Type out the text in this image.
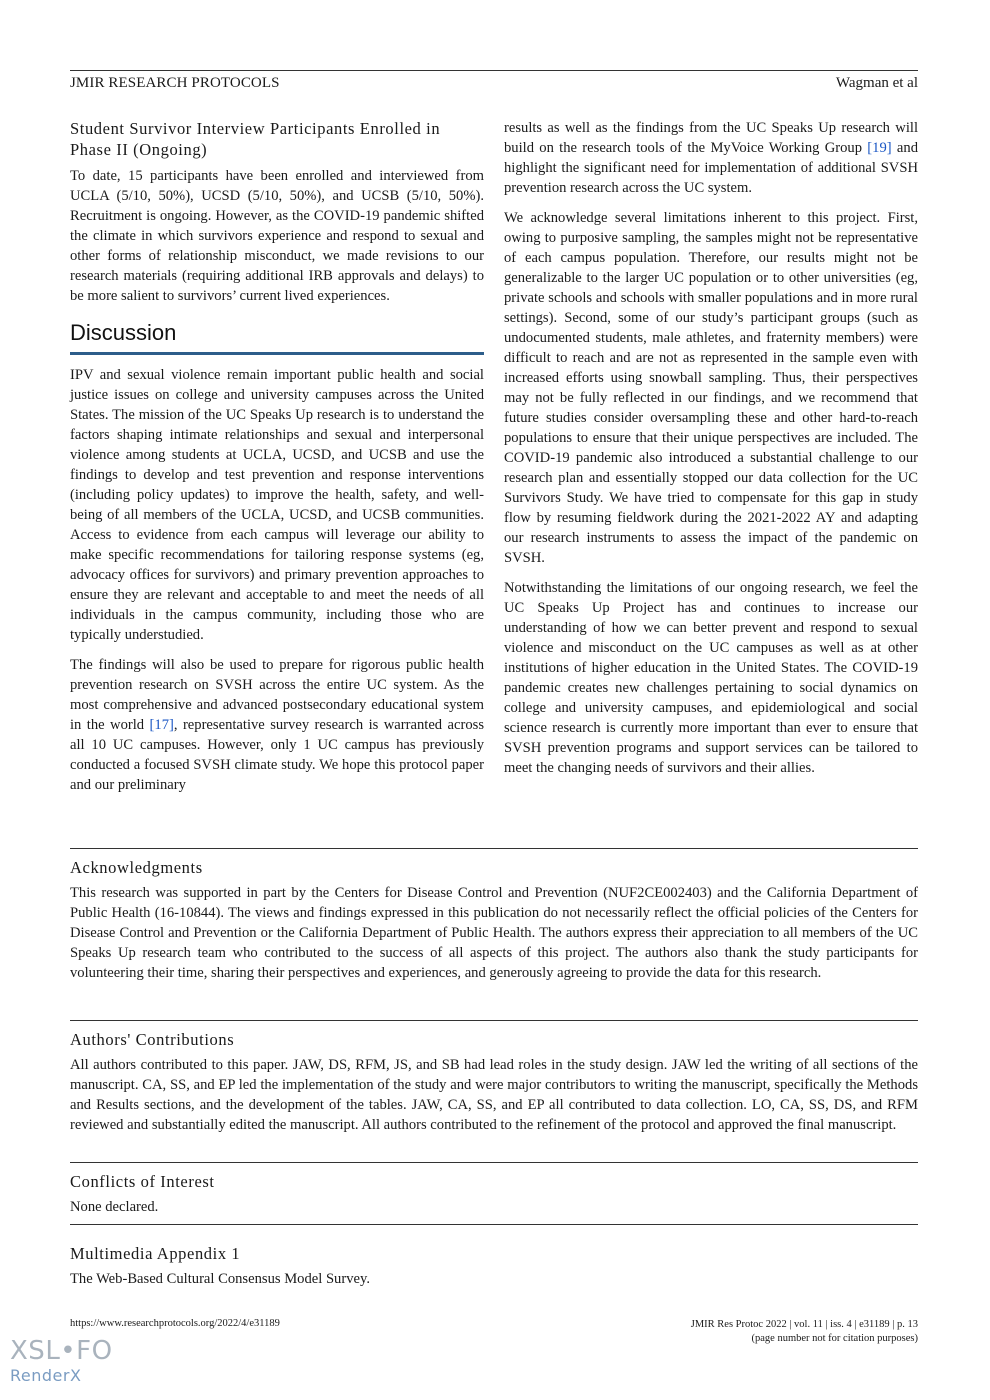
JMIR RESEARCH PROTOCOLS	Wagman et al
Student Survivor Interview Participants Enrolled in Phase II (Ongoing)

To date, 15 participants have been enrolled and interviewed from UCLA (5/10, 50%), UCSD (5/10, 50%), and UCSB (5/10, 50%). Recruitment is ongoing. However, as the COVID-19 pandemic shifted the climate in which survivors experience and respond to sexual and other forms of relationship misconduct, we made revisions to our research materials (requiring additional IRB approvals and delays) to be more salient to survivors’ current lived experiences.

Discussion

IPV and sexual violence remain important public health and social justice issues on college and university campuses across the United States. The mission of the UC Speaks Up research is to understand the factors shaping intimate relationships and sexual and interpersonal violence among students at UCLA, UCSD, and UCSB and use the findings to develop and test prevention and response interventions (including policy updates) to improve the health, safety, and well-being of all members of the UCLA, UCSD, and UCSB communities. Access to evidence from each campus will leverage our ability to make specific recommendations for tailoring response systems (eg, advocacy offices for survivors) and primary prevention approaches to ensure they are relevant and acceptable to and meet the needs of all individuals in the campus community, including those who are typically understudied.

The findings will also be used to prepare for rigorous public health prevention research on SVSH across the entire UC system. As the most comprehensive and advanced postsecondary educational system in the world [17], representative survey research is warranted across all 10 UC campuses. However, only 1 UC campus has previously conducted a focused SVSH climate study. We hope this protocol paper and our preliminary

results as well as the findings from the UC Speaks Up research will build on the research tools of the MyVoice Working Group [19] and highlight the significant need for implementation of additional SVSH prevention research across the UC system.

We acknowledge several limitations inherent to this project. First, owing to purposive sampling, the samples might not be representative of each campus population. Therefore, our results might not be generalizable to the larger UC population or to other universities (eg, private schools and schools with smaller populations and in more rural settings). Second, some of our study’s participant groups (such as undocumented students, male athletes, and fraternity members) were difficult to reach and are not as represented in the sample even with increased efforts using snowball sampling. Thus, their perspectives may not be fully reflected in our findings, and we recommend that future studies consider oversampling these and other hard-to-reach populations to ensure that their unique perspectives are included. The COVID-19 pandemic also introduced a substantial challenge to our research plan and essentially stopped our data collection for the UC Survivors Study. We have tried to compensate for this gap in study flow by resuming fieldwork during the 2021-2022 AY and adapting our research instruments to assess the impact of the pandemic on SVSH.

Notwithstanding the limitations of our ongoing research, we feel the UC Speaks Up Project has and continues to increase our understanding of how we can better prevent and respond to sexual violence and misconduct on the UC campuses as well as at other institutions of higher education in the United States. The COVID-19 pandemic creates new challenges pertaining to social dynamics on college and university campuses, and epidemiological and social science research is currently more important than ever to ensure that SVSH prevention programs and support services can be tailored to meet the changing needs of survivors and their allies.

Acknowledgments

This research was supported in part by the Centers for Disease Control and Prevention (NUF2CE002403) and the California Department of Public Health (16-10844). The views and findings expressed in this publication do not necessarily reflect the official policies of the Centers for Disease Control and Prevention or the California Department of Public Health. The authors express their appreciation to all members of the UC Speaks Up research team who contributed to the success of all aspects of this project. The authors also thank the study participants for volunteering their time, sharing their perspectives and experiences, and generously agreeing to provide the data for this research.

Authors' Contributions

All authors contributed to this paper. JAW, DS, RFM, JS, and SB had lead roles in the study design. JAW led the writing of all sections of the manuscript. CA, SS, and EP led the implementation of the study and were major contributors to writing the manuscript, specifically the Methods and Results sections, and the development of the tables. JAW, CA, SS, and EP all contributed to data collection. LO, CA, SS, DS, and RFM reviewed and substantially edited the manuscript. All authors contributed to the refinement of the protocol and approved the final manuscript.

Conflicts of Interest

None declared.

Multimedia Appendix 1

The Web-Based Cultural Consensus Model Survey.

https://www.researchprotocols.org/2022/4/e31189	JMIR Res Protoc 2022 | vol. 11 | iss. 4 | e31189 | p. 13
(page number not for citation purposes)
XSL•FO
RenderX
